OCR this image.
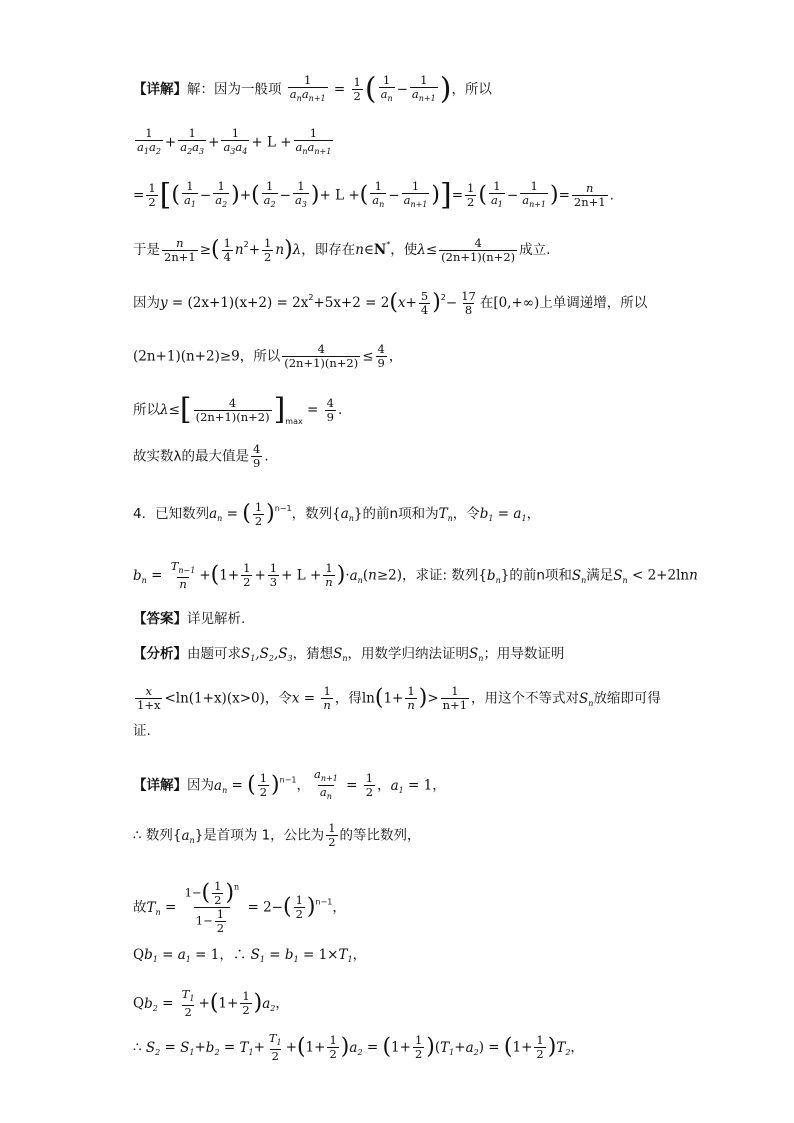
【详解】解：因为一般项 $\frac{1}{a_na_{n+1}} = \frac{1}{2}$ ( $\frac{1}{a_n} - \frac{1}{a_{n+1}}$ )，所以
$\frac{1}{a_1a_2} + \frac{1}{a_2a_3} + \frac{1}{a_3a_4} + L + \frac{1}{a_na_{n+1}}$
= $\frac{1}{2}$ [( $\frac{1}{a_1} - \frac{1}{a_2}$ )+( $\frac{1}{a_2} - \frac{1}{a_3}$ )+ L +( $\frac{1}{a_n} - \frac{1}{a_{n+1}}$ )]= $\frac{1}{2}$ ( $\frac{1}{a_1} - \frac{1}{a_{n+1}}$ )= $\frac{n}{2n+1}$ .
于是 $\frac{n}{2n+1}$ ≥( $\frac{1}{4} n^2+ \frac{1}{2} n)\lambda$，即存在n∈N*，使$\lambda\le \frac{4}{(2n+1)(n+2)}$ 成立.
因为$y = (2x+1)(x+2) = 2x^2+5x+2 = 2(x+ \frac{5}{4} )^2- \frac{17}{8}$ 在[0,+∞)上单调递增，所以
(2n+1)(n+2)≥9，所以 $\frac{4}{(2n+1)(n+2)} \le \frac{4}{9}$ ，
所以$\lambda\le[ \frac{4}{(2n+1)(n+2)} ]_{max} = \frac{4}{9}$ .
故实数λ的最大值是 $\frac{4}{9}$ .
4．已知数列$a_n$ = ( $\frac{1}{2} )^{n-1}$，数列$\{a_n\}$的前n项和为$T_n$，令$b_1 = a_1$，
$b_n = \frac{T_{n-1}}{n} +(1+ \frac{1}{2} + \frac{1}{3} + L + \frac{1}{n} )\cdot a_n(n\ge 2)$，求证: 数列$\{b_n\}$的前n项和$S_n$满足$S_n < 2+2\ln n$
【答案】详见解析.
【分析】由题可求$S_1,S_2,S_3$，猜想$S_n$，用数学归纳法证明$S_n$；用导数证明
$\frac{x}{1+x} <\ln(1+x)(x>0)$，令$x = \frac{1}{n}$ ，得$\ln(1+ \frac{1}{n}$ )> $\frac{1}{n+1}$ ，用这个不等式对$S_n$放缩即可得
证.
【详解】因为$a_n$ = ( $\frac{1}{2} )^{n-1}$， $\frac{a_{n+1}}{a_n} = \frac{1}{2}$ ，$a_1 = 1$，
∴ 数列$\{a_n\}$是首项为 1，公比为 $\frac{1}{2}$ 的等比数列，
故$T_n = \frac{1-( \frac{1}{2} )^n}{1- \frac{1}{2}} = 2-( \frac{1}{2} )^{n-1}$，
$Qb_1 = a_1 = 1$，∴ $S_1 = b_1 = 1\times T_1$，
$Qb_2 = \frac{T_1}{2} +(1+ \frac{1}{2} )a_2$，
∴ $S_2 = S_1+b_2 = T_1+ \frac{T_1}{2} +(1+ \frac{1}{2} )a_2 = (1+ \frac{1}{2} )(T_1+a_2) = (1+ \frac{1}{2} )T_2$，
